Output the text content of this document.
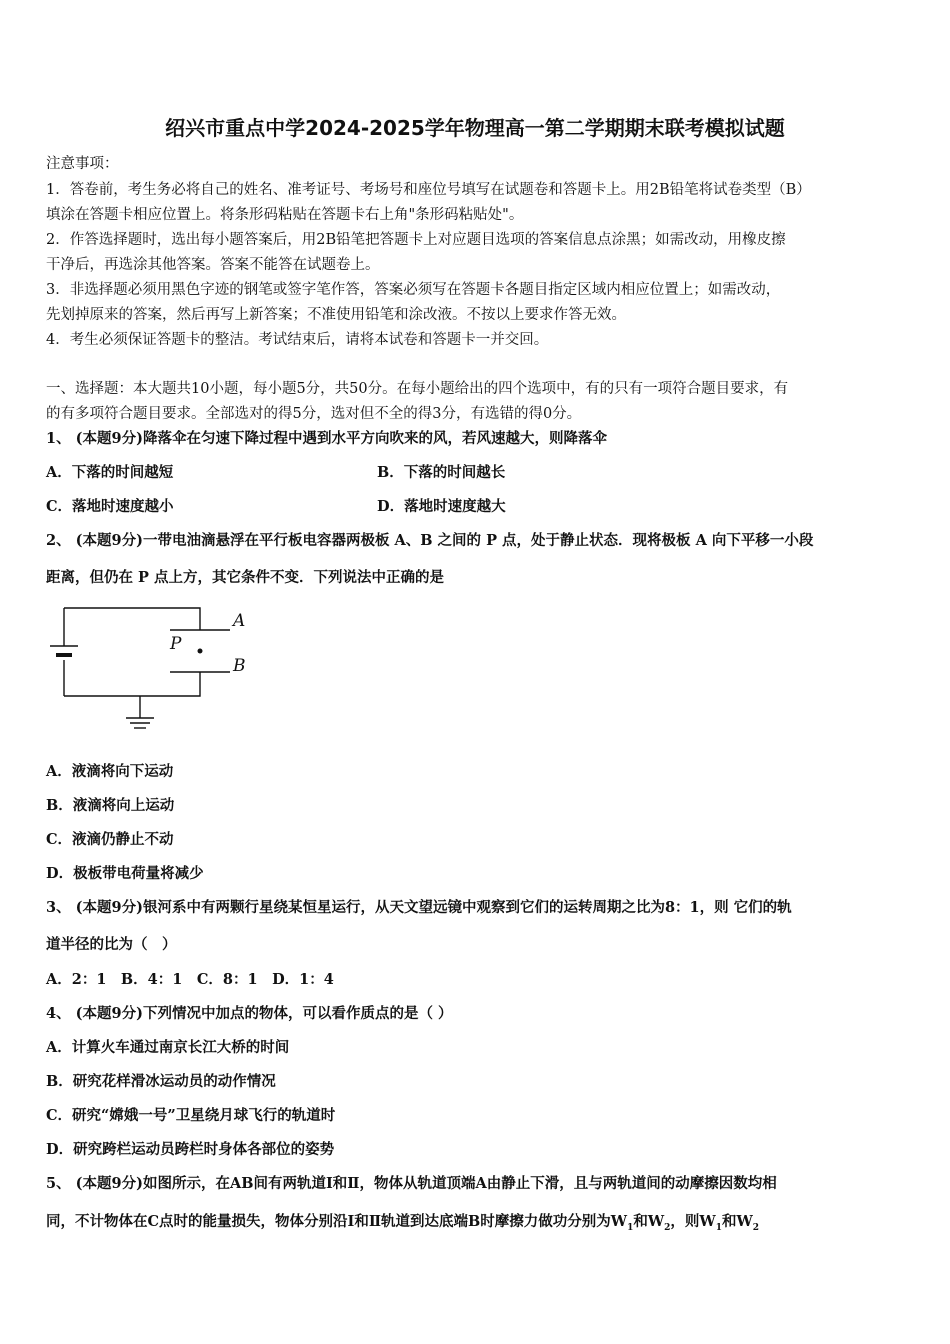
绍兴市重点中学2024-2025学年物理高一第二学期期末联考模拟试题
注意事项：
1．答卷前，考生务必将自己的姓名、准考证号、考场号和座位号填写在试题卷和答题卡上。用2B铅笔将试卷类型（B）
填涂在答题卡相应位置上。将条形码粘贴在答题卡右上角"条形码粘贴处"。
2．作答选择题时，选出每小题答案后，用2B铅笔把答题卡上对应题目选项的答案信息点涂黑；如需改动，用橡皮擦
干净后，再选涂其他答案。答案不能答在试题卷上。
3．非选择题必须用黑色字迹的钢笔或签字笔作答，答案必须写在答题卡各题目指定区域内相应位置上；如需改动，
先划掉原来的答案，然后再写上新答案；不准使用铅笔和涂改液。不按以上要求作答无效。
4．考生必须保证答题卡的整洁。考试结束后，请将本试卷和答题卡一并交回。
一、选择题：本大题共10小题，每小题5分，共50分。在每小题给出的四个选项中，有的只有一项符合题目要求，有
的有多项符合题目要求。全部选对的得5分，选对但不全的得3分，有选错的得0分。
1、 (本题9分)降落伞在匀速下降过程中遇到水平方向吹来的风，若风速越大，则降落伞
A．下落的时间越短	B．下落的时间越长
C．落地时速度越小	D．落地时速度越大
2、 (本题9分)一带电油滴悬浮在平行板电容器两极板 A、B 之间的 P 点，处于静止状态．现将极板 A 向下平移一小段
距离，但仍在 P 点上方，其它条件不变．下列说法中正确的是
A
B
P
A．液滴将向下运动
B．液滴将向上运动
C．液滴仍静止不动
D．极板带电荷量将减少
3、 (本题9分)银河系中有两颗行星绕某恒星运行，从天文望远镜中观察到它们的运转周期之比为8：1，则 它们的轨
道半径的比为（　）
A．2：1　B．4：1　C．8：1　D．1：4
4、 (本题9分)下列情况中加点的物体，可以看作质点的是（ ）
A．计算火车通过南京长江大桥的时间
B．研究花样滑冰运动员的动作情况
C．研究“嫦娥一号”卫星绕月球飞行的轨道时
D．研究跨栏运动员跨栏时身体各部位的姿势
5、 (本题9分)如图所示，在AB间有两轨道Ⅰ和Ⅱ，物体从轨道顶端A由静止下滑，且与两轨道间的动摩擦因数均相
同，不计物体在C点时的能量损失，物体分别沿Ⅰ和Ⅱ轨道到达底端B时摩擦力做功分别为$W_1$和$W_2$，则$W_1$和$W_2$
